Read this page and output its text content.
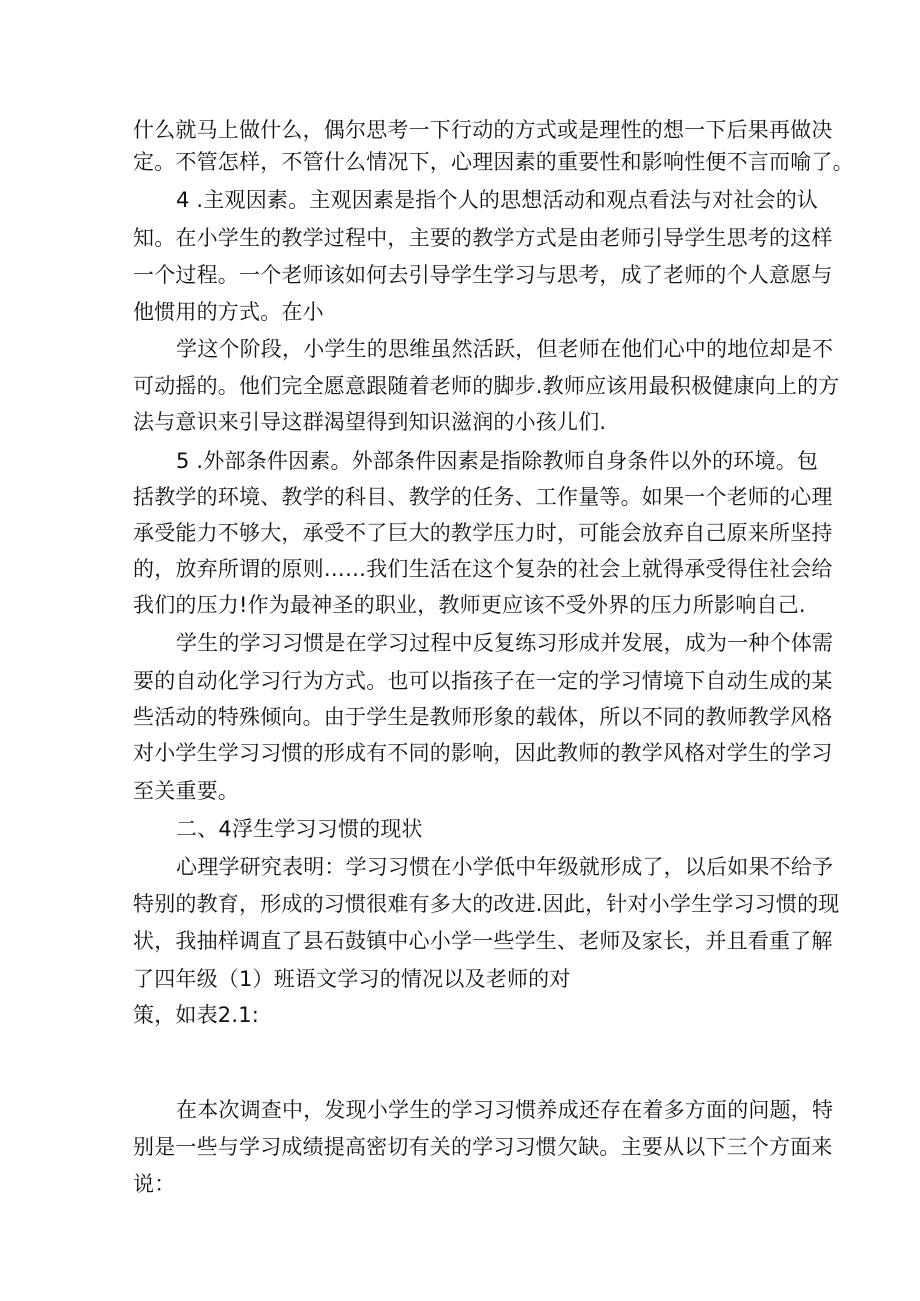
什么就马上做什么，偶尔思考一下行动的方式或是理性的想一下后果再做决
定。不管怎样，不管什么情况下，心理因素的重要性和影响性便不言而喻了。
4 .主观因素。主观因素是指个人的思想活动和观点看法与对社会的认
知。在小学生的教学过程中，主要的教学方式是由老师引导学生思考的这样
一个过程。一个老师该如何去引导学生学习与思考，成了老师的个人意愿与
他惯用的方式。在小
学这个阶段，小学生的思维虽然活跃，但老师在他们心中的地位却是不
可动摇的。他们完全愿意跟随着老师的脚步.教师应该用最积极健康向上的方
法与意识来引导这群渴望得到知识滋润的小孩儿们.
5 .外部条件因素。外部条件因素是指除教师自身条件以外的环境。包
括教学的环境、教学的科目、教学的任务、工作量等。如果一个老师的心理
承受能力不够大，承受不了巨大的教学压力时，可能会放弃自己原来所坚持
的，放弃所谓的原则……我们生活在这个复杂的社会上就得承受得住社会给
我们的压力!作为最神圣的职业，教师更应该不受外界的压力所影响自己.
学生的学习习惯是在学习过程中反复练习形成并发展，成为一种个体需
要的自动化学习行为方式。也可以指孩子在一定的学习情境下自动生成的某
些活动的特殊倾向。由于学生是教师形象的载体，所以不同的教师教学风格
对小学生学习习惯的形成有不同的影响，因此教师的教学风格对学生的学习
至关重要。
二、4浮生学习习惯的现状
心理学研究表明：学习习惯在小学低中年级就形成了，以后如果不给予
特别的教育，形成的习惯很难有多大的改进.因此，针对小学生学习习惯的现
状，我抽样调直了县石鼓镇中心小学一些学生、老师及家长，并且看重了解
了四年级（1）班语文学习的情况以及老师的对
策，如表2.1:
在本次调查中，发现小学生的学习习惯养成还存在着多方面的问题，特
别是一些与学习成绩提高密切有关的学习习惯欠缺。主要从以下三个方面来
说：
